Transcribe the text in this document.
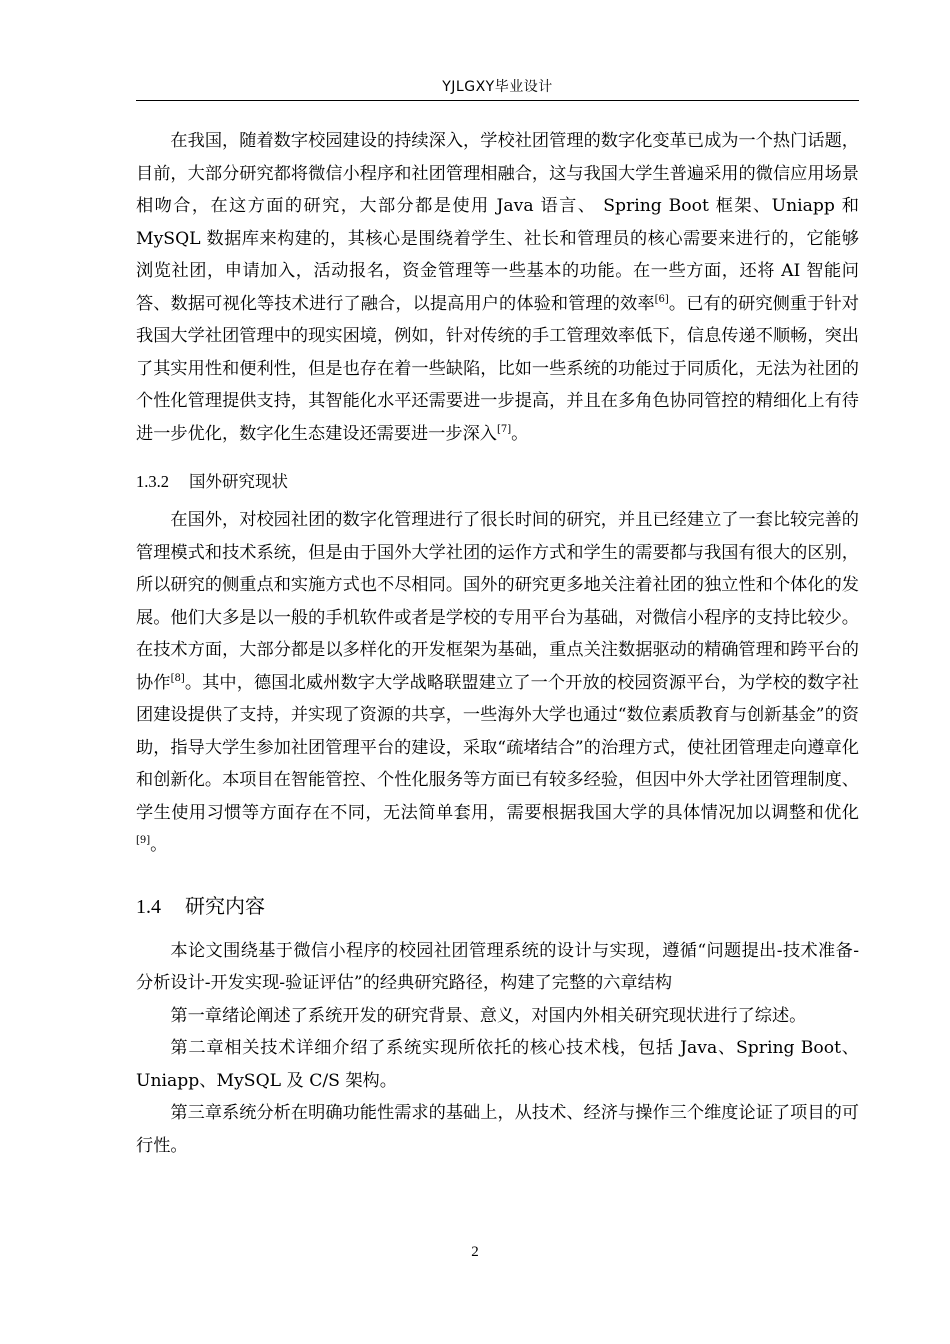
YJLGXY毕业设计

在我国，随着数字校园建设的持续深入，学校社团管理的数字化变革已成为一个热门话题，目前，大部分研究都将微信小程序和社团管理相融合，这与我国大学生普遍采用的微信应用场景相吻合，在这方面的研究，大部分都是使用 Java 语言、 Spring Boot 框架、Uniapp 和 MySQL 数据库来构建的，其核心是围绕着学生、社长和管理员的核心需要来进行的，它能够浏览社团，申请加入，活动报名，资金管理等一些基本的功能。在一些方面，还将 AI 智能问答、数据可视化等技术进行了融合，以提高用户的体验和管理的效率[6]。已有的研究侧重于针对我国大学社团管理中的现实困境，例如，针对传统的手工管理效率低下，信息传递不顺畅，突出了其实用性和便利性，但是也存在着一些缺陷，比如一些系统的功能过于同质化，无法为社团的个性化管理提供支持，其智能化水平还需要进一步提高，并且在多角色协同管控的精细化上有待进一步优化，数字化生态建设还需要进一步深入[7]。

1.3.2 国外研究现状

在国外，对校园社团的数字化管理进行了很长时间的研究，并且已经建立了一套比较完善的管理模式和技术系统，但是由于国外大学社团的运作方式和学生的需要都与我国有很大的区别，所以研究的侧重点和实施方式也不尽相同。国外的研究更多地关注着社团的独立性和个体化的发展。他们大多是以一般的手机软件或者是学校的专用平台为基础，对微信小程序的支持比较少。在技术方面，大部分都是以多样化的开发框架为基础，重点关注数据驱动的精确管理和跨平台的协作[8]。其中，德国北威州数字大学战略联盟建立了一个开放的校园资源平台，为学校的数字社团建设提供了支持，并实现了资源的共享，一些海外大学也通过“数位素质教育与创新基金”的资助，指导大学生参加社团管理平台的建设，采取“疏堵结合”的治理方式，使社团管理走向遵章化和创新化。本项目在智能管控、个性化服务等方面已有较多经验，但因中外大学社团管理制度、学生使用习惯等方面存在不同，无法简单套用，需要根据我国大学的具体情况加以调整和优化[9]。

1.4 研究内容

本论文围绕基于微信小程序的校园社团管理系统的设计与实现，遵循“问题提出-技术准备-分析设计-开发实现-验证评估”的经典研究路径，构建了完整的六章结构

第一章绪论阐述了系统开发的研究背景、意义，对国内外相关研究现状进行了综述。

第二章相关技术详细介绍了系统实现所依托的核心技术栈，包括 Java、Spring Boot、Uniapp、MySQL 及 C/S 架构。

第三章系统分析在明确功能性需求的基础上，从技术、经济与操作三个维度论证了项目的可行性。

2
